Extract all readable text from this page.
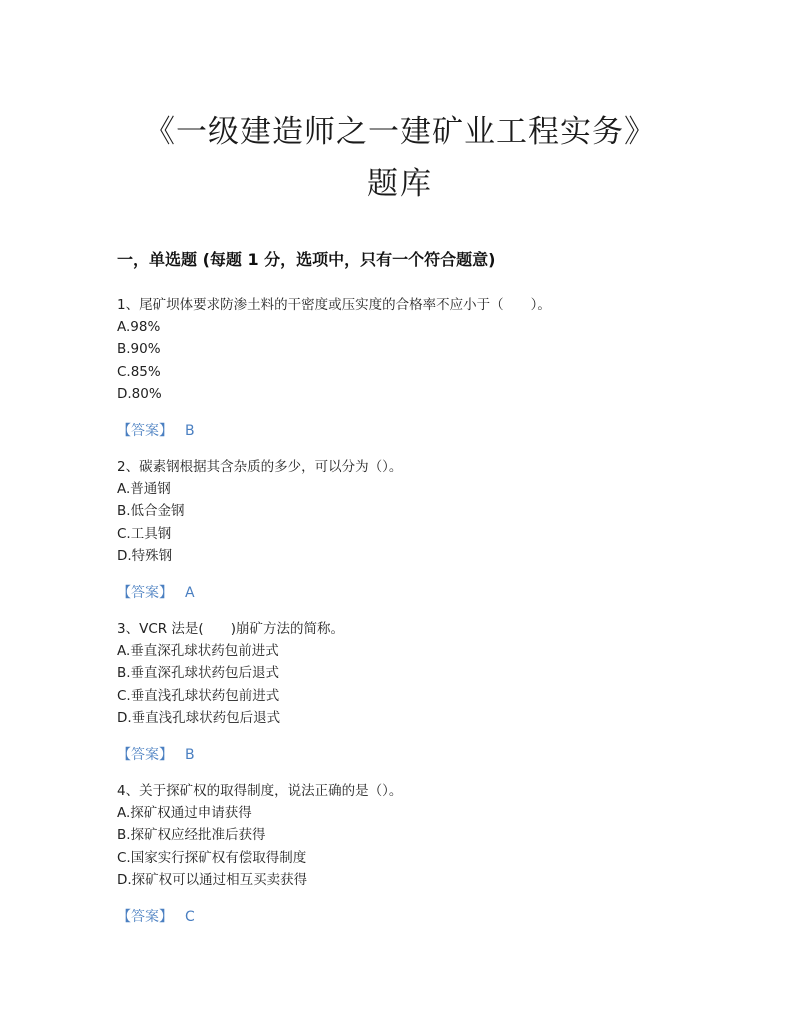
《一级建造师之一建矿业工程实务》
题库
一，单选题 (每题 1 分，选项中，只有一个符合题意)
1、尾矿坝体要求防渗土料的干密度或压实度的合格率不应小于（　　）。
A.98%
B.90%
C.85%
D.80%
【答案】 B
2、碳素钢根据其含杂质的多少，可以分为（）。
A.普通钢
B.低合金钢
C.工具钢
D.特殊钢
【答案】 A
3、VCR 法是(　　)崩矿方法的简称。
A.垂直深孔球状药包前进式
B.垂直深孔球状药包后退式
C.垂直浅孔球状药包前进式
D.垂直浅孔球状药包后退式
【答案】 B
4、关于探矿权的取得制度，说法正确的是（）。
A.探矿权通过申请获得
B.探矿权应经批准后获得
C.国家实行探矿权有偿取得制度
D.探矿权可以通过相互买卖获得
【答案】 C
